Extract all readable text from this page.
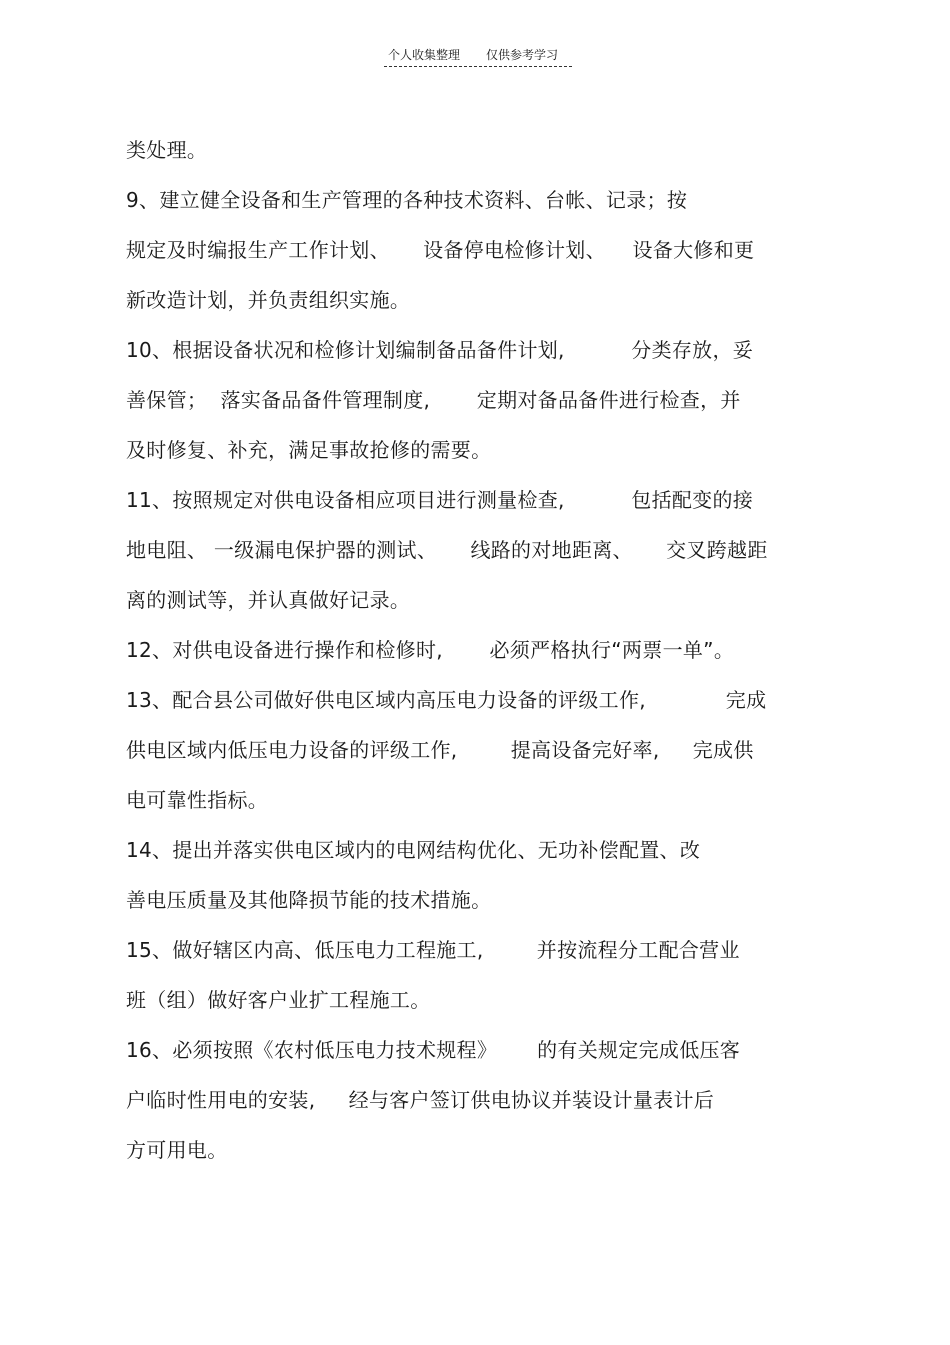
个人收集整理 仅供参考学习
类处理。
9、建立健全设备和生产管理的各种技术资料、台帐、记录；按
规定及时编报生产工作计划、     设备停电检修计划、    设备大修和更
新改造计划，并负责组织实施。
10、根据设备状况和检修计划编制备品备件计划,          分类存放，妥
善保管；  落实备品备件管理制度,       定期对备品备件进行检查，并
及时修复、补充，满足事故抢修的需要。
11、按照规定对供电设备相应项目进行测量检查,          包括配变的接
地电阻、 一级漏电保护器的测试、     线路的对地距离、     交叉跨越距
离的测试等，并认真做好记录。
12、对供电设备进行操作和检修时,       必须严格执行“两票一单”。
13、配合县公司做好供电区域内高压电力设备的评级工作,            完成
供电区域内低压电力设备的评级工作,        提高设备完好率,     完成供
电可靠性指标。
14、提出并落实供电区域内的电网结构优化、无功补偿配置、改
善电压质量及其他降损节能的技术措施。
15、做好辖区内高、低压电力工程施工,        并按流程分工配合营业
班（组）做好客户业扩工程施工。
16、必须按照《农村低压电力技术规程》      的有关规定完成低压客
户临时性用电的安装,     经与客户签订供电协议并装设计量表计后
方可用电。
